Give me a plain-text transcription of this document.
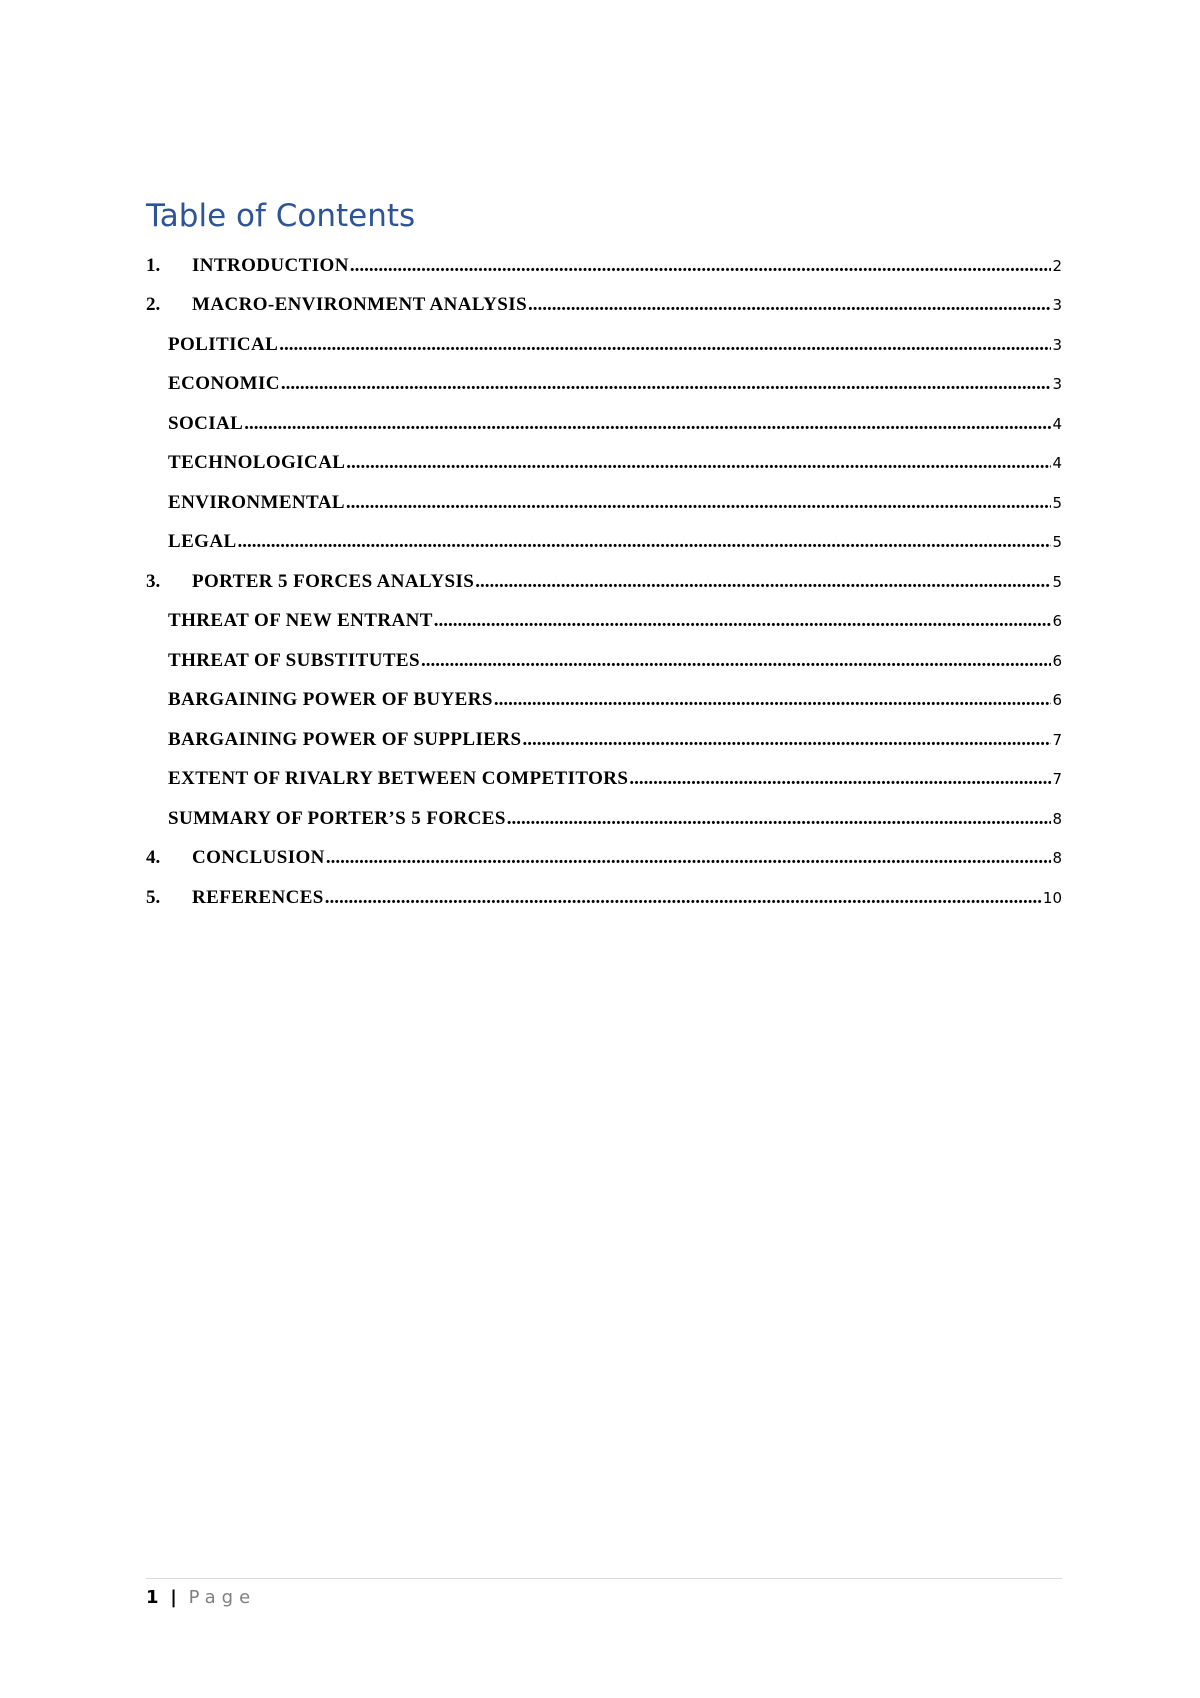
Table of Contents
1.	INTRODUCTION .....	2
2.	MACRO-ENVIRONMENT ANALYSIS .....	3
POLITICAL .....	3
ECONOMIC .....	3
SOCIAL .....	4
TECHNOLOGICAL .....	4
ENVIRONMENTAL .....	5
LEGAL .....	5
3.	PORTER 5 FORCES ANALYSIS .....	5
THREAT OF NEW ENTRANT .....	6
THREAT OF SUBSTITUTES .....	6
BARGAINING POWER OF BUYERS .....	6
BARGAINING POWER OF SUPPLIERS .....	7
EXTENT OF RIVALRY BETWEEN COMPETITORS .....	7
SUMMARY OF PORTER’S 5 FORCES .....	8
4.	CONCLUSION .....	8
5.	REFERENCES .....	10
1 | Page
